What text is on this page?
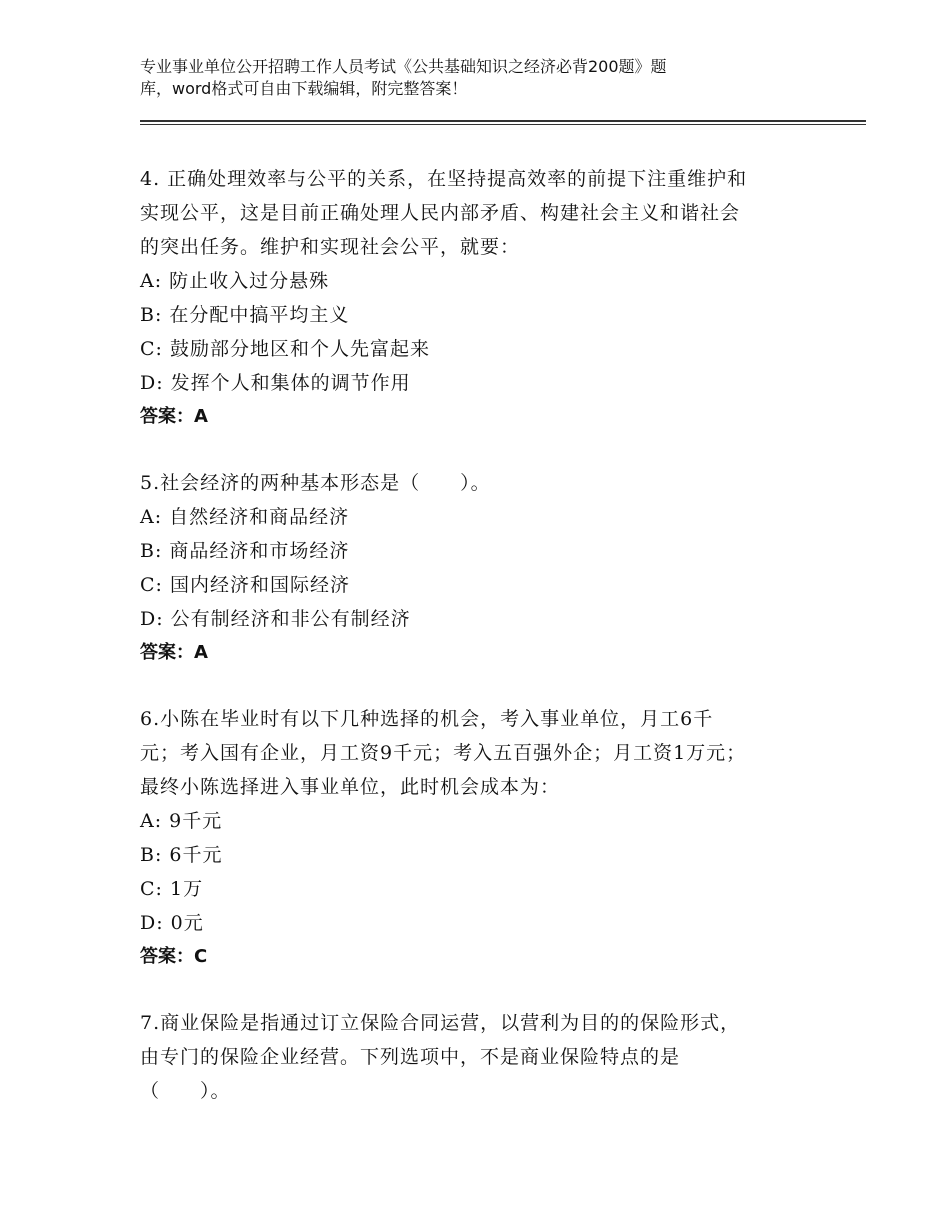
专业事业单位公开招聘工作人员考试《公共基础知识之经济必背200题》题
库，word格式可自由下载编辑，附完整答案！
4. 正确处理效率与公平的关系，在坚持提高效率的前提下注重维护和
实现公平，这是目前正确处理人民内部矛盾、构建社会主义和谐社会
的突出任务。维护和实现社会公平，就要：
A: 防止收入过分悬殊
B: 在分配中搞平均主义
C: 鼓励部分地区和个人先富起来
D: 发挥个人和集体的调节作用
答案：A
5.社会经济的两种基本形态是（　　）。
A: 自然经济和商品经济
B: 商品经济和市场经济
C: 国内经济和国际经济
D: 公有制经济和非公有制经济
答案：A
6.小陈在毕业时有以下几种选择的机会，考入事业单位，月工6千
元；考入国有企业，月工资9千元；考入五百强外企；月工资1万元；
最终小陈选择进入事业单位，此时机会成本为：
A: 9千元
B: 6千元
C: 1万
D: 0元
答案：C
7.商业保险是指通过订立保险合同运营，以营利为目的的保险形式，
由专门的保险企业经营。下列选项中，不是商业保险特点的是
（　　）。
